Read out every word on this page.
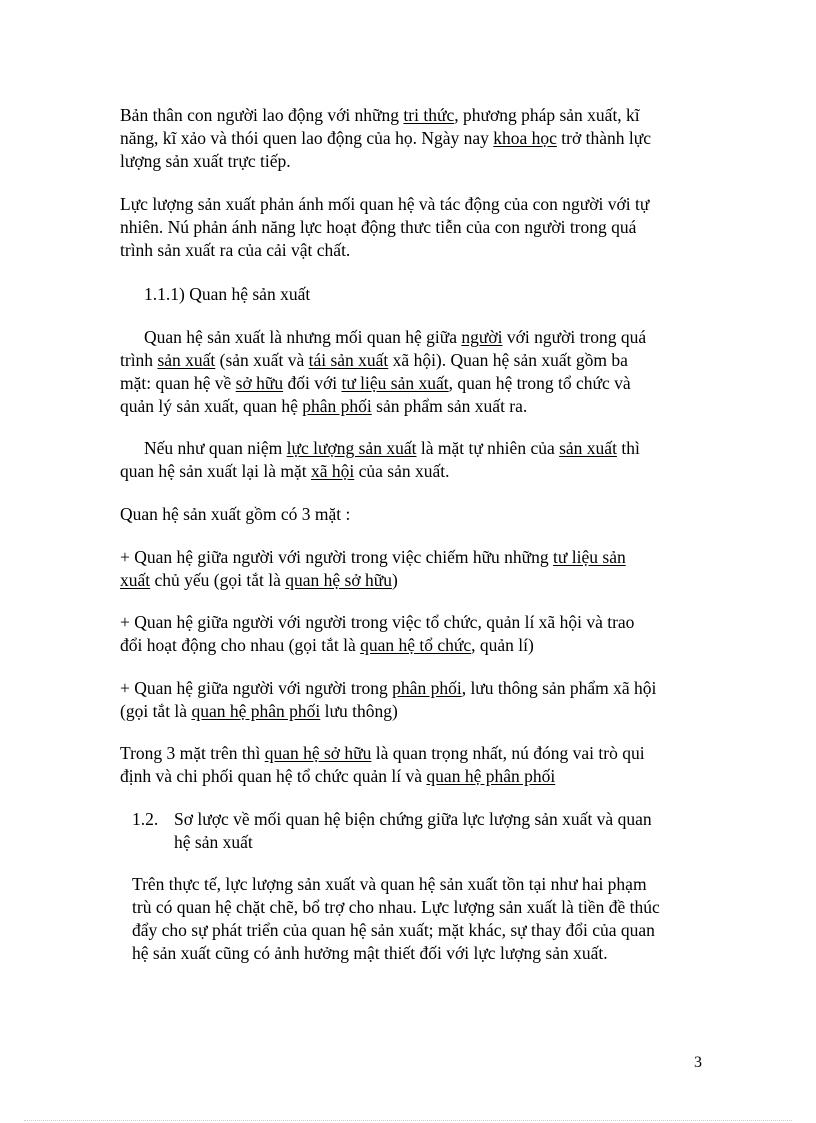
Bản thân con người lao động với những tri thức, phương pháp sản xuất, kĩ

năng, kĩ xảo và thói quen lao động của họ. Ngày nay khoa học trở thành lực

lượng sản xuất trực tiếp.

Lực lượng sản xuất phản ánh mối quan hệ và tác động của con người với tự

nhiên. Nú phản ánh năng lực hoạt động thưc tiễn của con người trong quá

trình sản xuất ra của cải vật chất.

1.1.1) Quan hệ sản xuất

Quan hệ sản xuất là nhưng mối quan hệ giữa người với người trong quá

trình sản xuất (sản xuất và tái sản xuất xã hội). Quan hệ sản xuất gồm ba

mặt: quan hệ về sở hữu đối với tư liệu sản xuất, quan hệ trong tổ chức và

quản lý sản xuất, quan hệ phân phối sản phẩm sản xuất ra.

Nếu như quan niệm lực lượng sản xuất là mặt tự nhiên của sản xuất thì

quan hệ sản xuất lại là mặt xã hội của sản xuất.

Quan hệ sản xuất gồm có 3 mặt :

+ Quan hệ giữa người với người trong việc chiếm hữu những tư liệu sản

xuất chủ yếu (gọi tắt là quan hệ sở hữu)

+ Quan hệ giữa người với người trong việc tổ chức, quản lí xã hội và trao

đổi hoạt động cho nhau (gọi tắt là quan hệ tổ chức, quản lí)

+ Quan hệ giữa người với người trong phân phối, lưu thông sản phẩm xã hội

(gọi tắt là quan hệ phân phối lưu thông)

Trong 3 mặt trên thì quan hệ sở hữu là quan trọng nhất, nú đóng vai trò qui

định và chi phối quan hệ tổ chức quản lí và quan hệ phân phối

1.2. Sơ lược về mối quan hệ biện chứng giữa lực lượng sản xuất và quan

hệ sản xuất

Trên thực tế, lực lượng sản xuất và quan hệ sản xuất tồn tại như hai phạm

trù có quan hệ chặt chẽ, bổ trợ cho nhau. Lực lượng sản xuất là tiền đề thúc

đẩy cho sự phát triển của quan hệ sản xuất; mặt khác, sự thay đổi của quan

hệ sản xuất cũng có ảnh hưởng mật thiết đối với lực lượng sản xuất.

3
